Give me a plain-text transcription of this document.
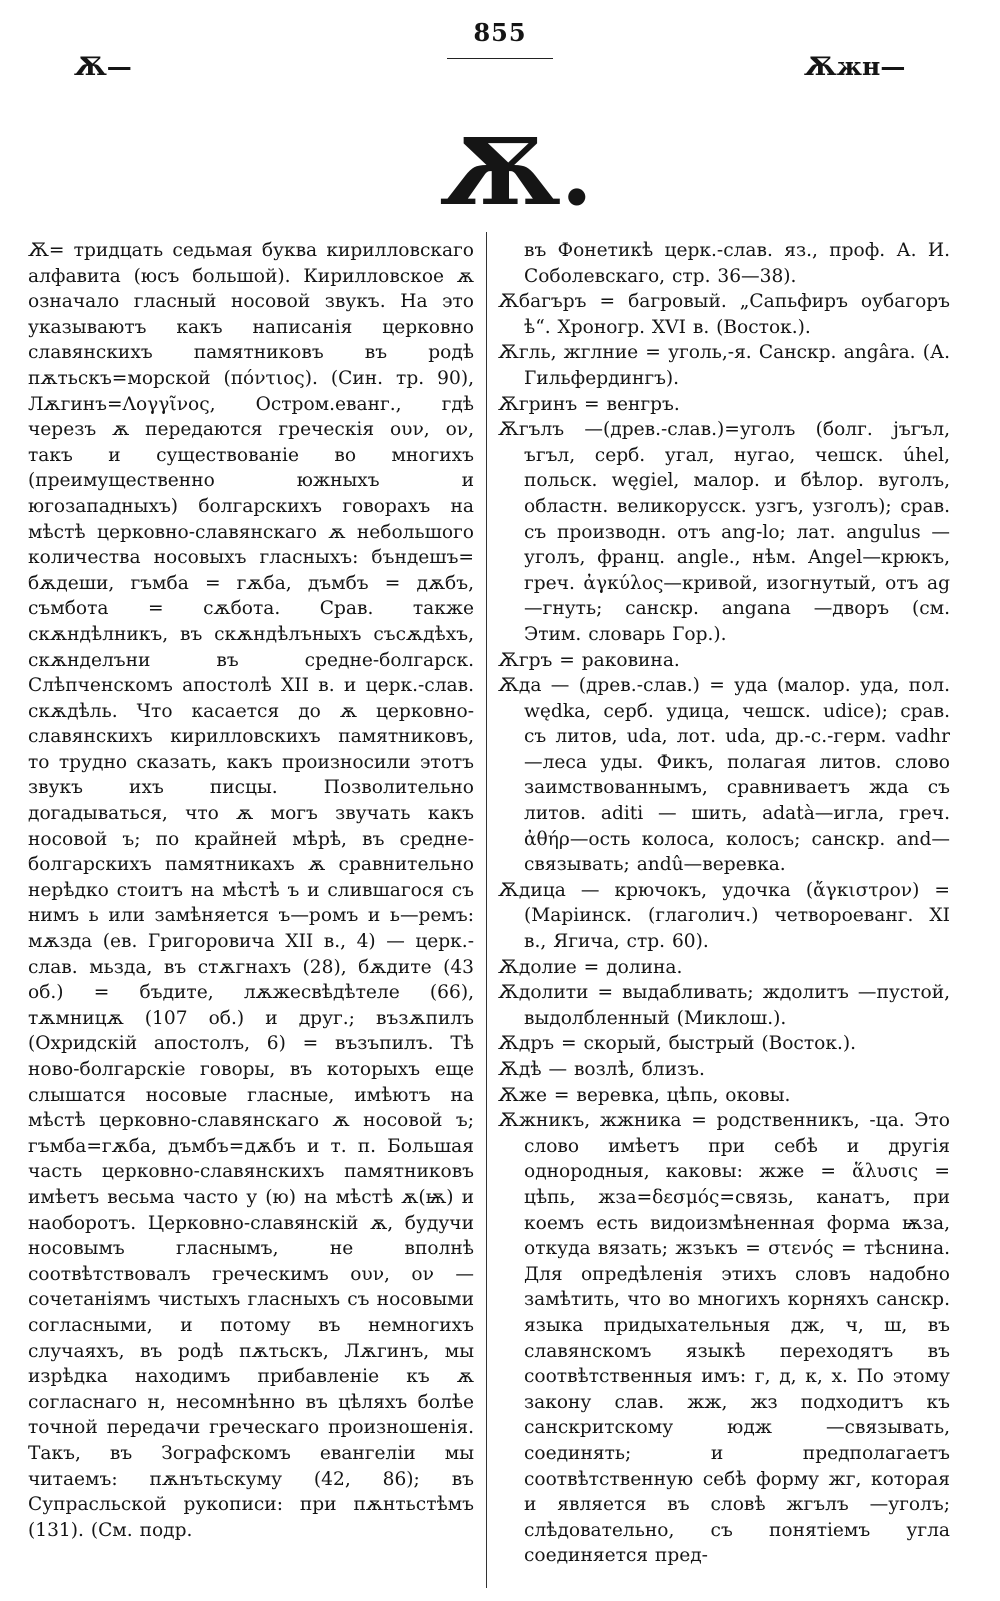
855
Ѫ—	Ѫжн—
Ѫ.

Ѫ= тридцать седьмая буква кирилловскаго алфавита (юсъ большой). Кирилловское ѫ означало гласный носовой звукъ. На это указываютъ какъ написанія церковно славянскихъ памятниковъ въ родѣ пѫтьскъ=морской (πόντιος). (Син. тр. 90), Лѫгинъ=Λογγῖνος, Остром.еванг., гдѣ черезъ ѫ передаются греческія ουν, ον, такъ и существованіе во многихъ (преимущественно южныхъ и югозападныхъ) болгарскихъ говорахъ на мѣстѣ церковно-славянскаго ѫ небольшого количества носовыхъ гласныхъ: бъндешъ= бѫдеши, гъмба = гѫба, дъмбъ = дѫбъ, съмбота = сѫбота. Срав. также скѫндѣлникъ, въ скѫндѣлъныхъ съсѫдѣхъ, скѫнделъни въ средне-болгарск. Слѣпченскомъ апостолѣ XII в. и церк.-слав. скѫдѣль. Что касается до ѫ церковно-славянскихъ кирилловскихъ памятниковъ, то трудно сказать, какъ произносили этотъ звукъ ихъ писцы. Позволительно догадываться, что ѫ могъ звучать какъ носовой ъ; по крайней мѣрѣ, въ средне-болгарскихъ памятникахъ ѫ сравнительно нерѣдко стоитъ на мѣстѣ ъ и слившагося съ нимъ ь или замѣняется ъ—ромъ и ь—ремъ: мѫзда (ев. Григоровича XII в., 4) — церк.-слав. мьзда, въ стѫгнахъ (28), бѫдите (43 об.) = бъдите, лѫжесвѣдѣтеле (66), тѫмницѫ (107 об.) и друг.; възѫпилъ (Охридскій апостолъ, 6) = възъпилъ. Тѣ ново-болгарскіе говоры, въ которыхъ еще слышатся носовые гласные, имѣютъ на мѣстѣ церковно-славянскаго ѫ носовой ъ; гъмба=гѫба, дъмбъ=дѫбъ и т. п. Большая часть церковно-славянскихъ памятниковъ имѣетъ весьма часто у (ю) на мѣстѣ ѫ(ѭ) и наоборотъ. Церковно-славянскій ѫ, будучи носовымъ гласнымъ, не вполнѣ соотвѣтствовалъ греческимъ ουν, ον — сочетаніямъ чистыхъ гласныхъ съ носовыми согласными, и потому въ немногихъ случаяхъ, въ родѣ пѫтьскъ, Лѫгинъ, мы изрѣдка находимъ прибавленіе къ ѫ согласнаго н, несомнѣнно въ цѣляхъ болѣе точной передачи греческаго произношенія. Такъ, въ Зографскомъ евангеліи мы читаемъ: пѫнътьскуму (42, 86); въ Супрасльской рукописи: при пѫнтьстѣмъ (131). (См. подр.

въ Фонетикѣ церк.-слав. яз., проф. А. И. Соболевскаго, стр. 36—38).

Ѫбагъръ = багровый. „Сапьфиръ оубагоръ ѣ“. Хроногр. XVI в. (Восток.).

Ѫгль, жглние = уголь,-я. Санскр. angâra. (А. Гильфердингъ).

Ѫгринъ = венгръ.

Ѫгълъ —(древ.-слав.)=уголъ (болг. јъгъл, ъгъл, серб. угал, нугао, чешск. úhel, польск. węgiel, малор. и бѣлор. вуголъ, областн. великорусск. узгъ, узголъ); срав. съ производн. отъ ang-lo; лат. angulus — уголъ, франц. angle., нѣм. Angel—крюкъ, греч. ἀγκύλος—кривой, изогнутый, отъ ag—гнуть; санскр. angana —дворъ (см. Этим. словарь Гор.).

Ѫгръ = раковина.

Ѫда — (древ.-слав.) = уда (малор. уда, пол. wędka, серб. удица, чешск. udice); срав. съ литов, uda, лот. uda, др.-с.-герм. vadhr—леса уды. Фикъ, полагая литов. слово заимствованнымъ, сравниваетъ жда съ литов. aditi — шить, adatà—игла, греч. ἀθήρ—ость колоса, колосъ; санскр. and—связывать; andû—веревка.

Ѫдица — крючокъ, удочка (ἄγκιστρον) = (Маріинск. (глаголич.) четвороеванг. XI в., Ягича, стр. 60).

Ѫдолие = долина.

Ѫдолити = выдабливать; ждолитъ —пустой, выдолбленный (Миклош.).

Ѫдръ = скорый, быстрый (Восток.).

Ѫдѣ — возлѣ, близъ.

Ѫже = веревка, цѣпь, оковы.

Ѫжникъ, жжника = родственникъ, -ца. Это слово имѣетъ при себѣ и другія однородныя, каковы: жже = ἅλυσις = цѣпь, жза=δεσμός=связь, канатъ, при коемъ есть видоизмѣненная форма ѭза, откуда вязать; жзъкъ = στενός = тѣснина. Для опредѣленія этихъ словъ надобно замѣтить, что во многихъ корняхъ санскр. языка придыхательныя дж, ч, ш, въ славянскомъ языкѣ переходятъ въ соотвѣтственныя имъ: г, д, к, х. По этому закону слав. жж, жз подходитъ къ санскритскому юдж —связывать, соединять; и предполагаетъ соотвѣтственную себѣ форму жг, которая и является въ словѣ жгълъ —уголъ; слѣдовательно, съ понятіемъ угла соединяется пред-
